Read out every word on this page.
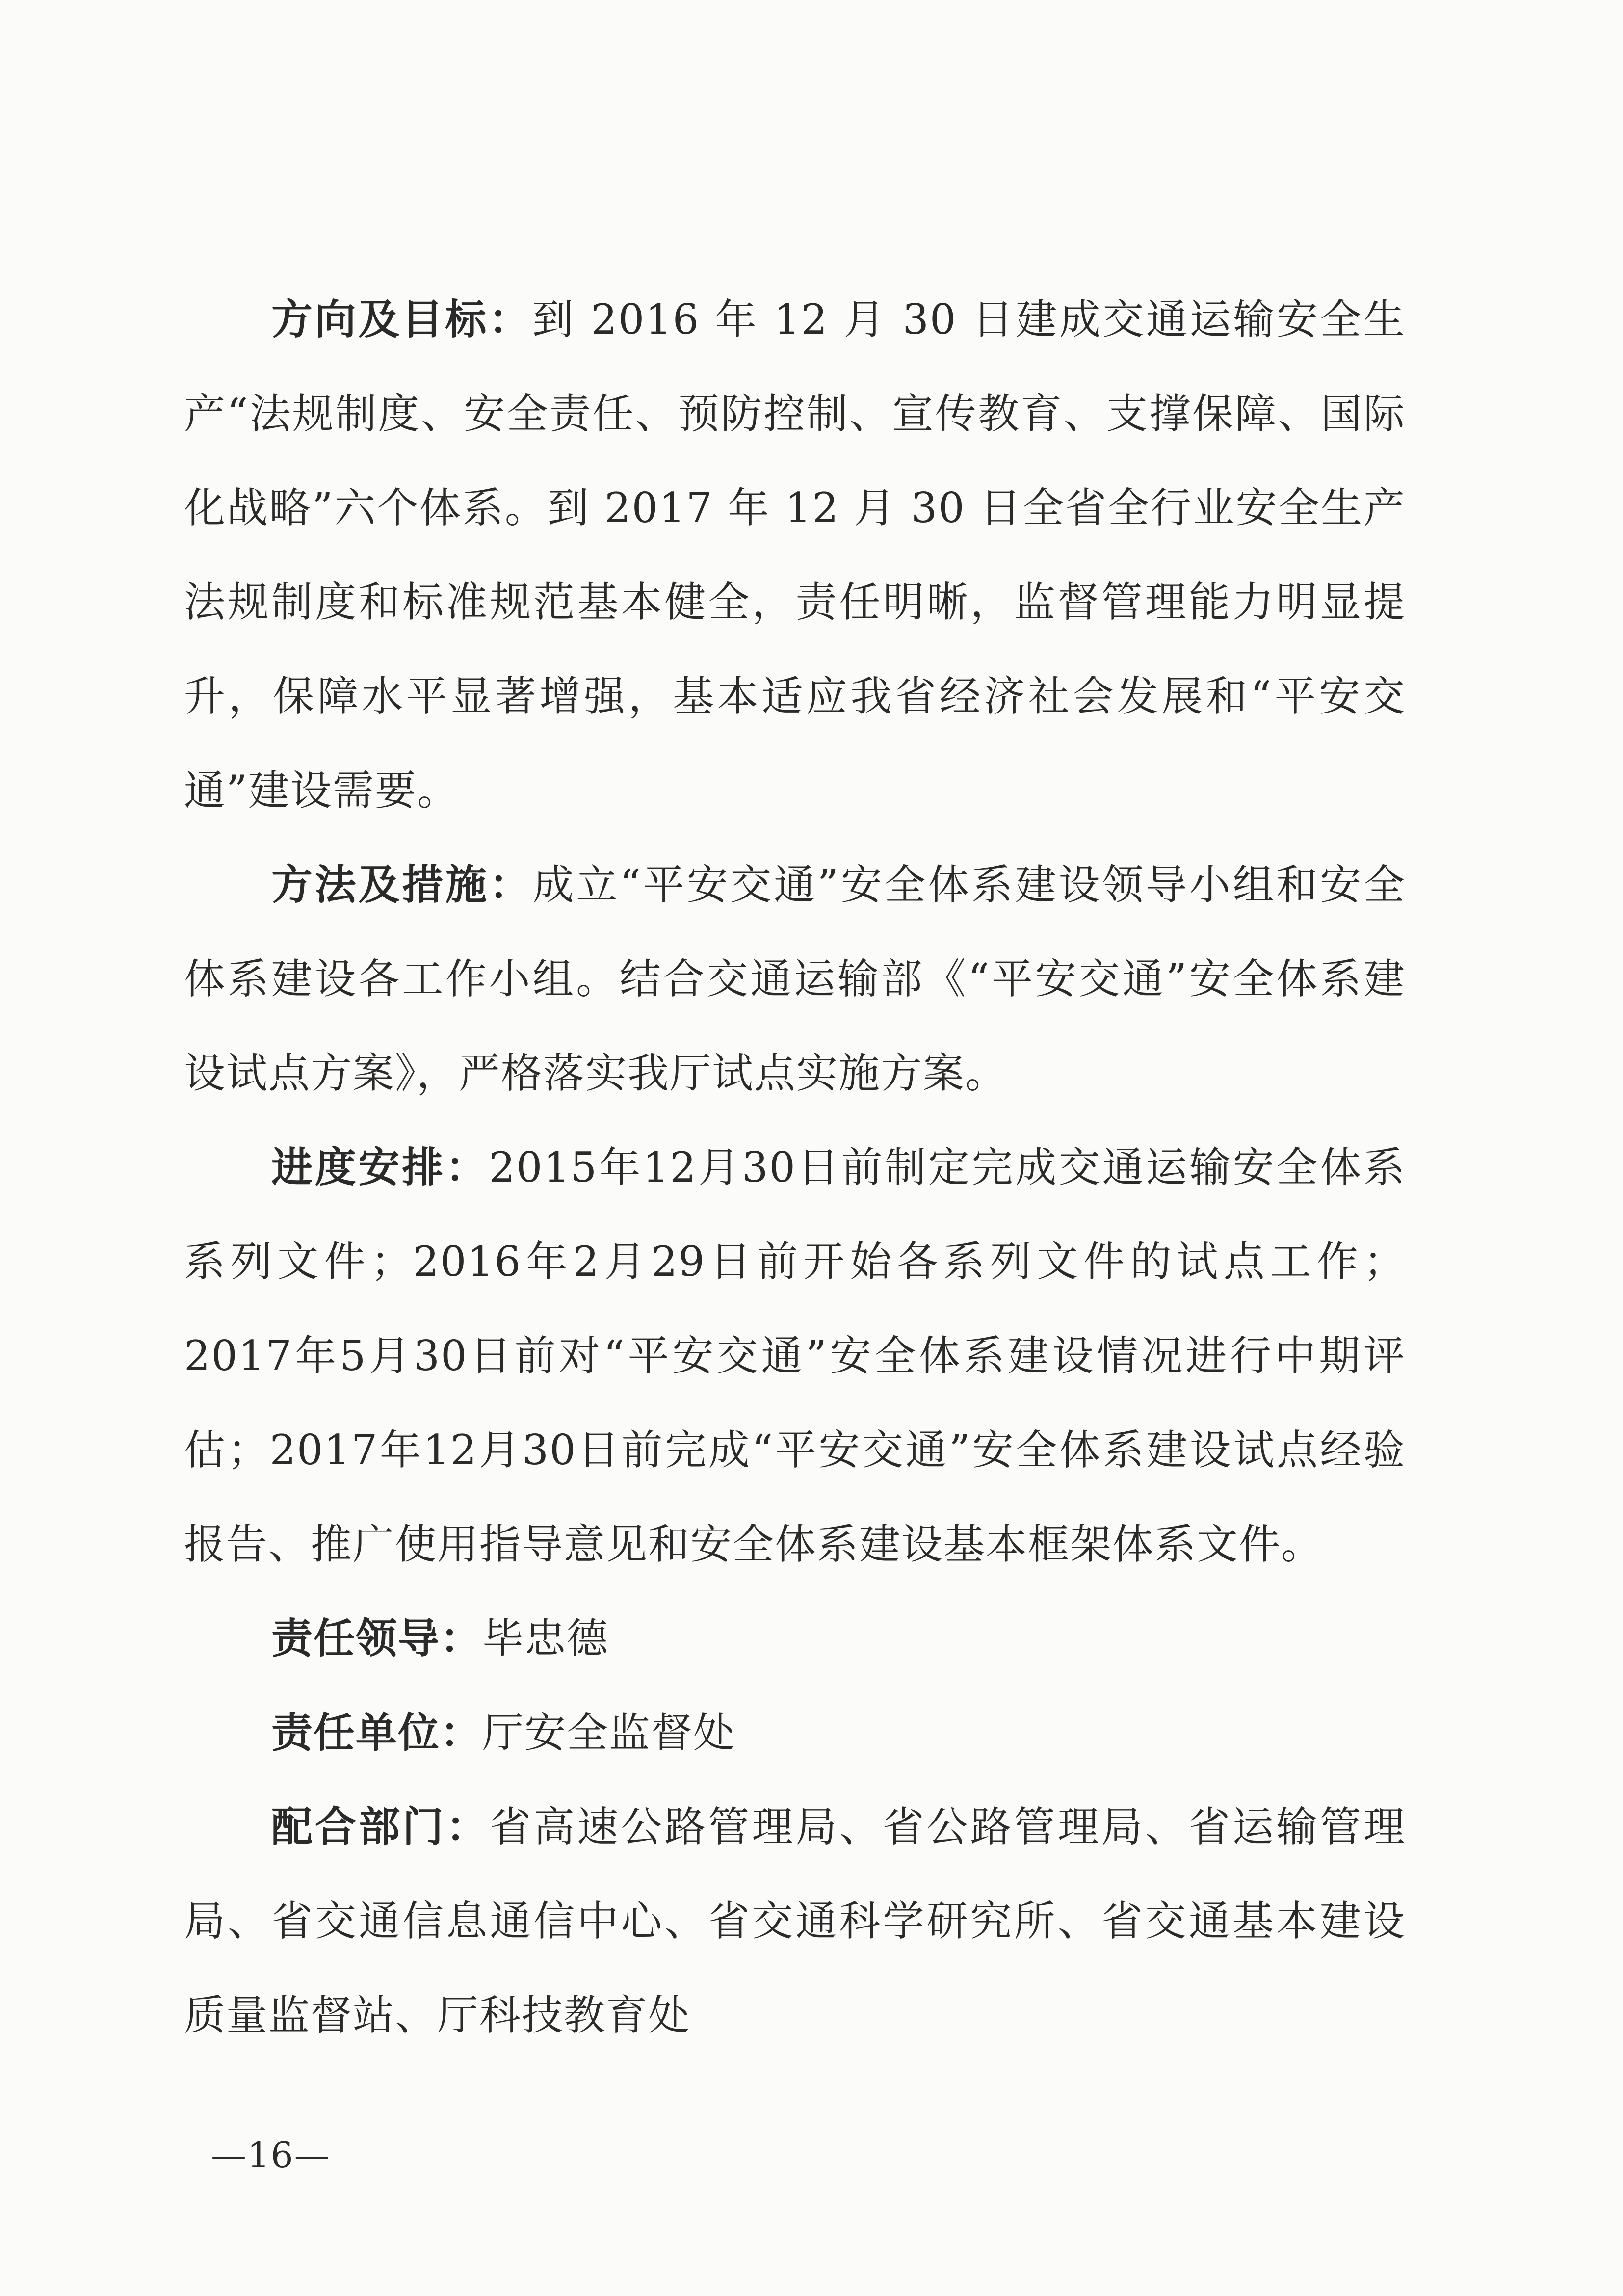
方向及目标：到 2016 年 12 月 30 日建成交通运输安全生产“法规制度、安全责任、预防控制、宣传教育、支撑保障、国际化战略”六个体系。到 2017 年 12 月 30 日全省全行业安全生产法规制度和标准规范基本健全，责任明晰，监督管理能力明显提升，保障水平显著增强，基本适应我省经济社会发展和“平安交通”建设需要。

方法及措施：成立“平安交通”安全体系建设领导小组和安全体系建设各工作小组。结合交通运输部《“平安交通”安全体系建设试点方案》，严格落实我厅试点实施方案。

进度安排：2015年12月30日前制定完成交通运输安全体系系列文件；2016年2月29日前开始各系列文件的试点工作；2017年5月30日前对“平安交通”安全体系建设情况进行中期评估；2017年12月30日前完成“平安交通”安全体系建设试点经验报告、推广使用指导意见和安全体系建设基本框架体系文件。

责任领导：毕忠德

责任单位：厅安全监督处

配合部门：省高速公路管理局、省公路管理局、省运输管理局、省交通信息通信中心、省交通科学研究所、省交通基本建设质量监督站、厅科技教育处

—16—
